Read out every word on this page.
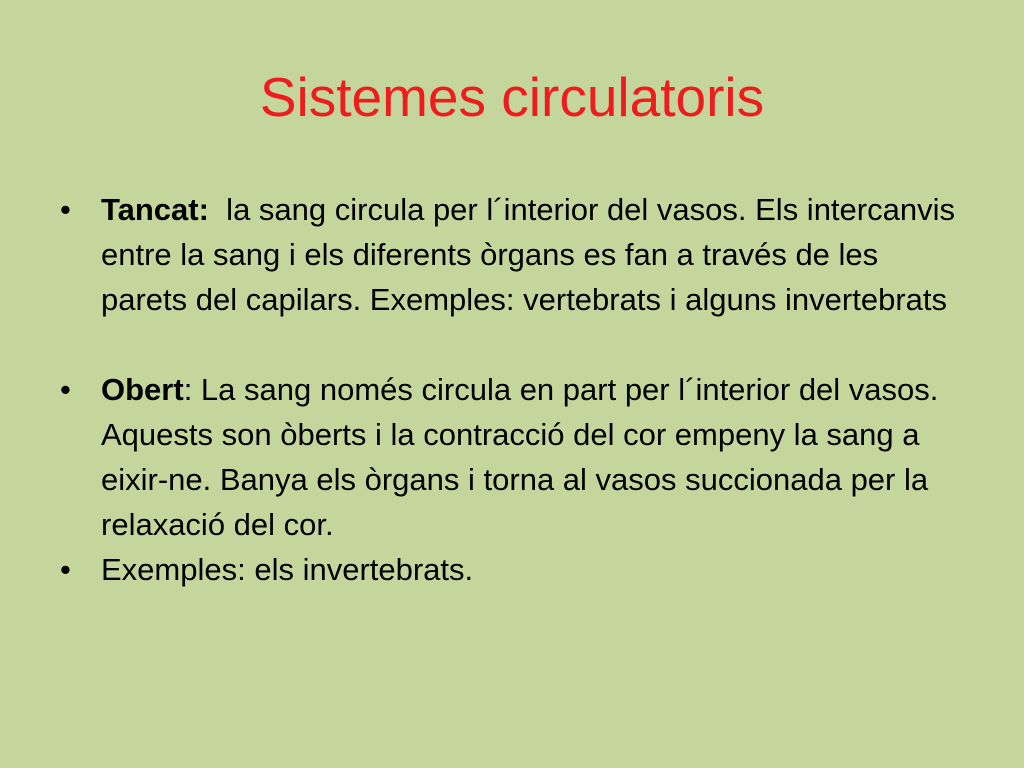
Sistemes circulatoris
• Tancat:  la sang circula per l´interior del vasos. Els intercanvis entre la sang i els diferents òrgans es fan a través de les parets del capilars. Exemples: vertebrats i alguns invertebrats
• Obert: La sang només circula en part per l´interior del vasos. Aquests son òberts i la contracció del cor empeny la sang a eixir-ne. Banya els òrgans i torna al vasos succionada per la relaxació del cor.
• Exemples: els invertebrats.
